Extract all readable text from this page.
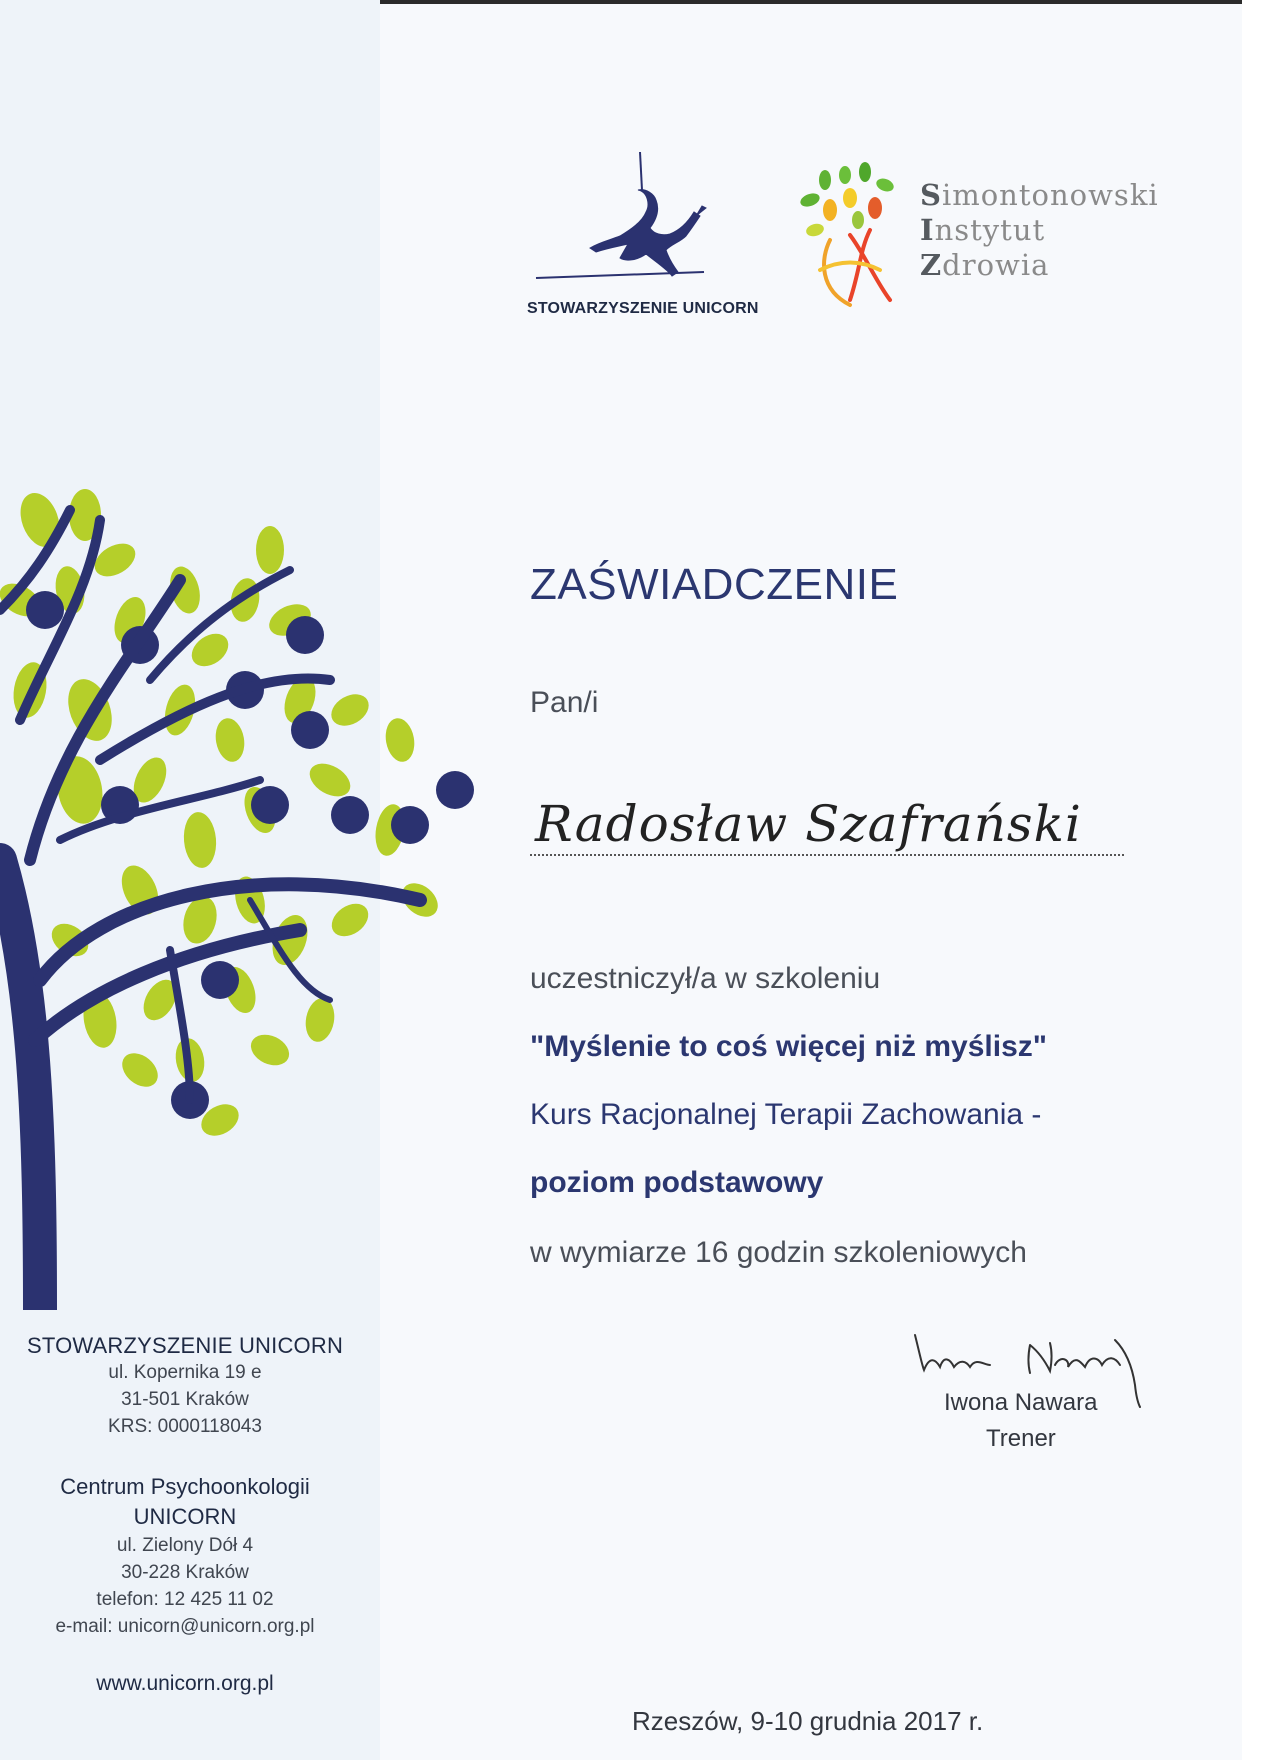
STOWARZYSZENIE UNICORN
ul. Kopernika 19 e
31-501 Kraków
KRS: 0000118043
Centrum Psychoonkologii
UNICORN
ul. Zielony Dół 4
30-228 Kraków
telefon: 12 425 11 02
e-mail: unicorn@unicorn.org.pl
www.unicorn.org.pl
STOWARZYSZENIE UNICORN
Simontonowski
Instytut
Zdrowia
ZAŚWIADCZENIE
Pan/i
Radosław Szafrański
uczestniczył/a w szkoleniu
"Myślenie to coś więcej niż myślisz"
Kurs Racjonalnej Terapii Zachowania -
poziom podstawowy
w wymiarze 16 godzin szkoleniowych
Iwona Nawara
Trener
Rzeszów, 9-10 grudnia 2017 r.
